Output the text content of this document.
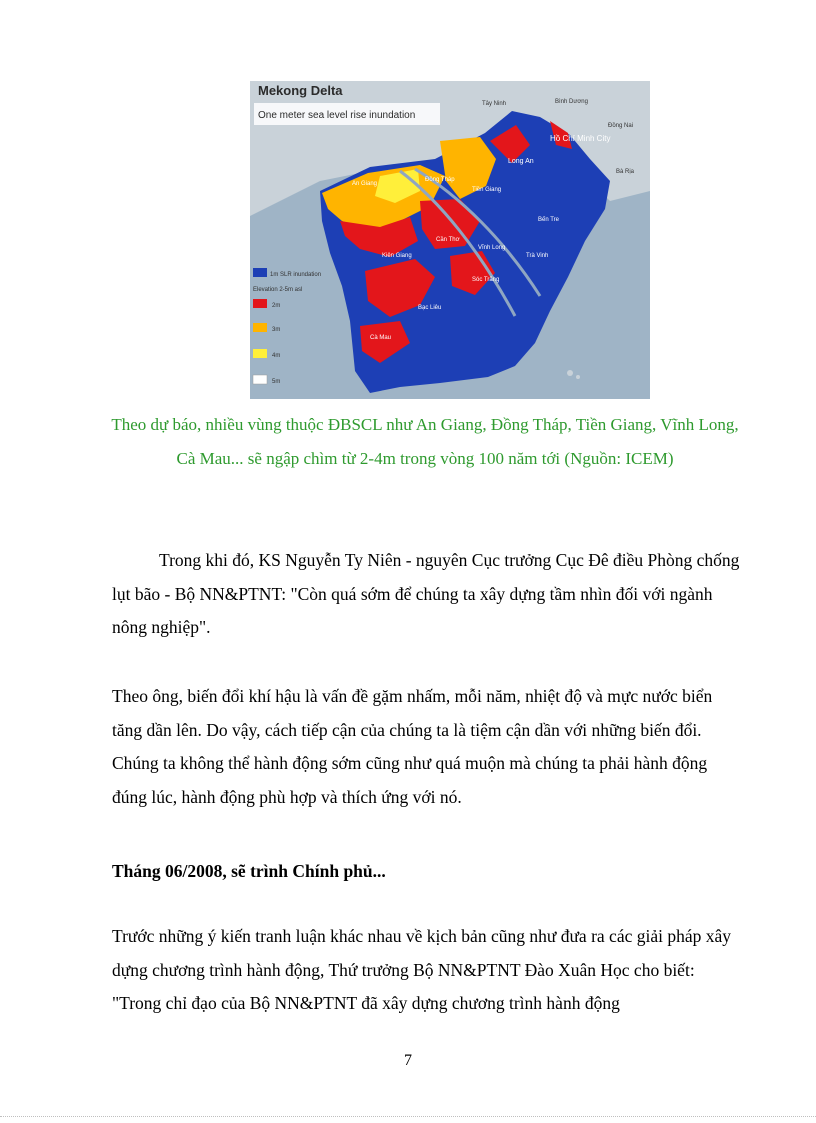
Mekong Delta
One meter sea level rise inundation
Hồ Chí Minh City
Long An
Tây Ninh	Bình Dương
Đồng Nai
Bà Rịa
An Giang
Đồng Tháp
Tiền Giang
Bến Tre
Cần Thơ
Vĩnh Long
Trà Vinh
Kiên Giang
Sóc Trăng
Bạc Liêu
Cà Mau
1m SLR inundation
Elevation 2-5m asl
2m
3m
4m
5m
Theo dự báo, nhiều vùng thuộc ĐBSCL như An Giang, Đồng Tháp, Tiền Giang, Vĩnh Long, Cà Mau... sẽ ngập chìm từ 2-4m trong vòng 100 năm tới (Nguồn: ICEM)

Trong khi đó, KS Nguyễn Ty Niên - nguyên Cục trưởng Cục Đê điều Phòng chống lụt bão - Bộ NN&PTNT: "Còn quá sớm để chúng ta xây dựng tầm nhìn đối với ngành nông nghiệp".

Theo ông, biến đổi khí hậu là vấn đề gặm nhấm, mỗi năm, nhiệt độ và mực nước biển tăng dần lên. Do vậy, cách tiếp cận của chúng ta là tiệm cận dần với những biến đổi. Chúng ta không thể hành động sớm cũng như quá muộn mà chúng ta phải hành động đúng lúc, hành động phù hợp và thích ứng với nó.

Tháng 06/2008, sẽ trình Chính phủ...

Trước những ý kiến tranh luận khác nhau về kịch bản cũng như đưa ra các giải pháp xây dựng chương trình hành động, Thứ trưởng Bộ NN&PTNT Đào Xuân Học cho biết: "Trong chỉ đạo của Bộ NN&PTNT đã xây dựng chương trình hành động

7
